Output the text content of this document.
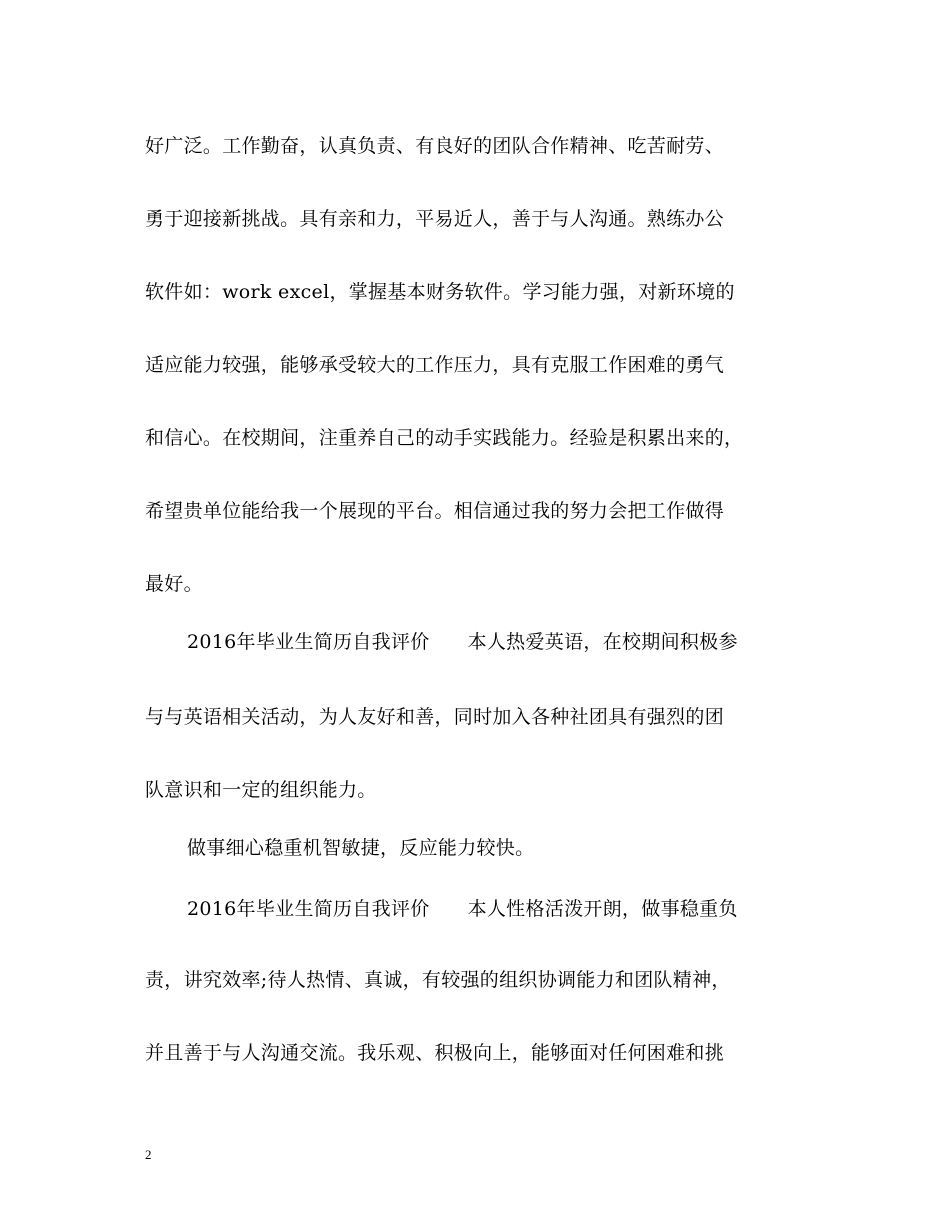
好广泛。工作勤奋，认真负责、有良好的团队合作精神、吃苦耐劳、
勇于迎接新挑战。具有亲和力，平易近人，善于与人沟通。熟练办公
软件如：work excel，掌握基本财务软件。学习能力强，对新环境的
适应能力较强，能够承受较大的工作压力，具有克服工作困难的勇气
和信心。在校期间，注重养自己的动手实践能力。经验是积累出来的，
希望贵单位能给我一个展现的平台。相信通过我的努力会把工作做得
最好。
2016年毕业生简历自我评价 本人热爱英语，在校期间积极参
与与英语相关活动，为人友好和善，同时加入各种社团具有强烈的团
队意识和一定的组织能力。
做事细心稳重机智敏捷，反应能力较快。
2016年毕业生简历自我评价 本人性格活泼开朗，做事稳重负
责，讲究效率;待人热情、真诚，有较强的组织协调能力和团队精神，
并且善于与人沟通交流。我乐观、积极向上，能够面对任何困难和挑
2
